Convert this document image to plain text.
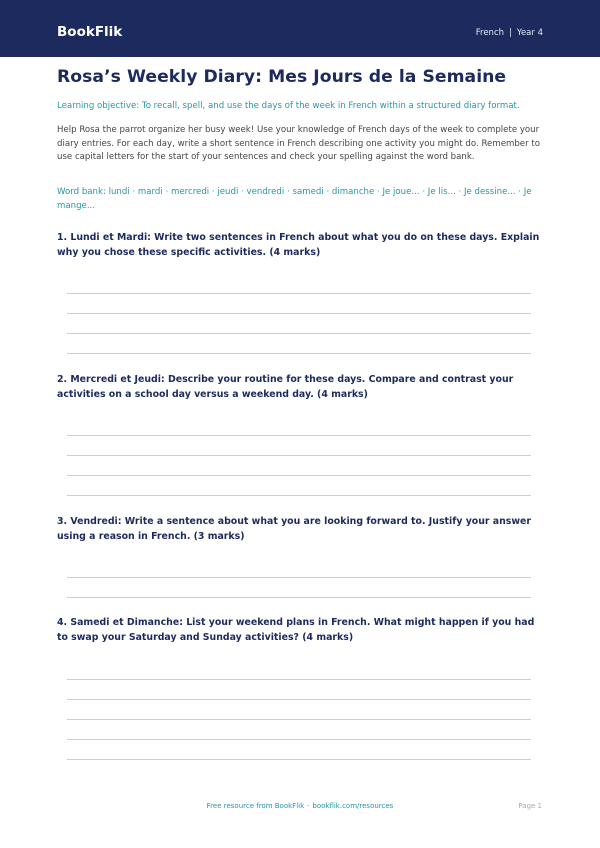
BookFlik	French | Year 4
Rosa’s Weekly Diary: Mes Jours de la Semaine
Learning objective: To recall, spell, and use the days of the week in French within a structured diary format.
Help Rosa the parrot organize her busy week! Use your knowledge of French days of the week to complete your diary entries. For each day, write a short sentence in French describing one activity you might do. Remember to use capital letters for the start of your sentences and check your spelling against the word bank.
Word bank: lundi · mardi · mercredi · jeudi · vendredi · samedi · dimanche · Je joue... · Je lis... · Je dessine... · Je mange...
1. Lundi et Mardi: Write two sentences in French about what you do on these days. Explain why you chose these specific activities. (4 marks)
2. Mercredi et Jeudi: Describe your routine for these days. Compare and contrast your activities on a school day versus a weekend day. (4 marks)
3. Vendredi: Write a sentence about what you are looking forward to. Justify your answer using a reason in French. (3 marks)
4. Samedi et Dimanche: List your weekend plans in French. What might happen if you had to swap your Saturday and Sunday activities? (4 marks)
Free resource from BookFlik · bookflik.com/resources	Page 1
